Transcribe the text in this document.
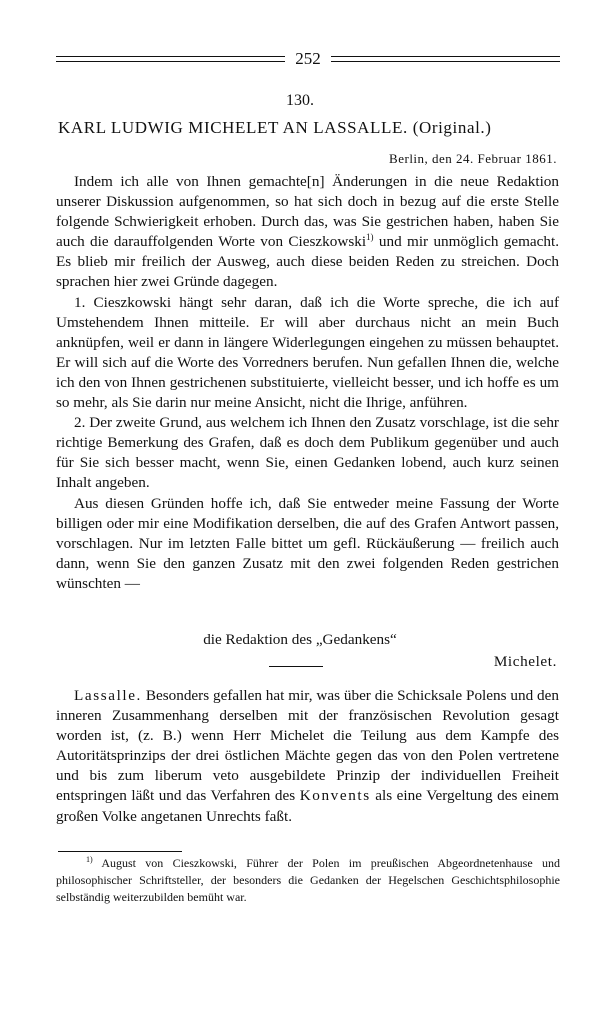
252
130.
KARL LUDWIG MICHELET AN LASSALLE. (Original.)
Berlin, den 24. Februar 1861.

Indem ich alle von Ihnen gemachte[n] Änderungen in die neue Redaktion unserer Diskussion aufgenommen, so hat sich doch in bezug auf die erste Stelle folgende Schwierigkeit erhoben. Durch das, was Sie gestrichen haben, haben Sie auch die darauffolgenden Worte von Cieszkowski$^{1)}$ und mir unmöglich gemacht. Es blieb mir freilich der Ausweg, auch diese beiden Reden zu streichen. Doch sprachen hier zwei Gründe dagegen.

1. Cieszkowski hängt sehr daran, daß ich die Worte spreche, die ich auf Umstehendem Ihnen mitteile. Er will aber durchaus nicht an mein Buch anknüpfen, weil er dann in längere Widerlegungen eingehen zu müssen behauptet. Er will sich auf die Worte des Vorredners berufen. Nun gefallen Ihnen die, welche ich den von Ihnen gestrichenen substituierte, vielleicht besser, und ich hoffe es um so mehr, als Sie darin nur meine Ansicht, nicht die Ihrige, anführen.

2. Der zweite Grund, aus welchem ich Ihnen den Zusatz vorschlage, ist die sehr richtige Bemerkung des Grafen, daß es doch dem Publikum gegenüber und auch für Sie sich besser macht, wenn Sie, einen Gedanken lobend, auch kurz seinen Inhalt angeben.

Aus diesen Gründen hoffe ich, daß Sie entweder meine Fassung der Worte billigen oder mir eine Modifikation derselben, die auf des Grafen Antwort passen, vorschlagen. Nur im letzten Falle bittet um gefl. Rückäußerung — freilich auch dann, wenn Sie den ganzen Zusatz mit den zwei folgenden Reden gestrichen wünschten —

die Redaktion des „Gedankens“
Michelet.

Lassalle. Besonders gefallen hat mir, was über die Schicksale Polens und den inneren Zusammenhang derselben mit der französischen Revolution gesagt worden ist, (z. B.) wenn Herr Michelet die Teilung aus dem Kampfe des Autoritätsprinzips der drei östlichen Mächte gegen das von den Polen vertretene und bis zum liberum veto ausgebildete Prinzip der individuellen Freiheit entspringen läßt und das Verfahren des Konvents als eine Vergeltung des einem großen Volke angetanen Unrechts faßt.

$^{1)}$ August von Cieszkowski, Führer der Polen im preußischen Abgeordnetenhause und philosophischer Schriftsteller, der besonders die Gedanken der Hegelschen Geschichtsphilosophie selbständig weiterzubilden bemüht war.
